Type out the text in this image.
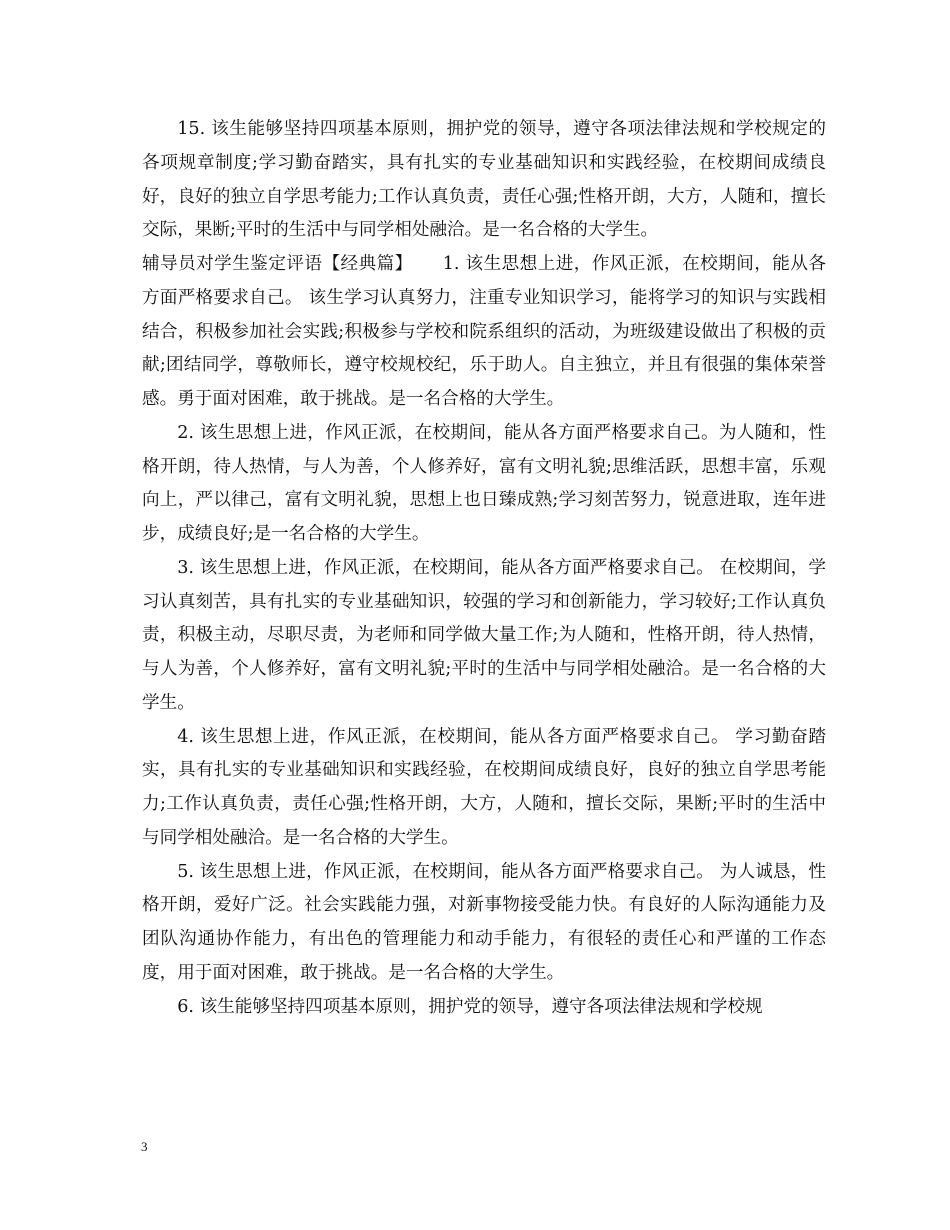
15. 该生能够坚持四项基本原则，拥护党的领导，遵守各项法律法规和学校规定的各项规章制度;学习勤奋踏实，具有扎实的专业基础知识和实践经验，在校期间成绩良好，良好的独立自学思考能力;工作认真负责，责任心强;性格开朗，大方，人随和，擅长交际，果断;平时的生活中与同学相处融洽。是一名合格的大学生。

辅导员对学生鉴定评语【经典篇】 1. 该生思想上进，作风正派，在校期间，能从各方面严格要求自己。 该生学习认真努力，注重专业知识学习，能将学习的知识与实践相结合，积极参加社会实践;积极参与学校和院系组织的活动，为班级建设做出了积极的贡献;团结同学，尊敬师长，遵守校规校纪，乐于助人。自主独立，并且有很强的集体荣誉感。勇于面对困难，敢于挑战。是一名合格的大学生。

2. 该生思想上进，作风正派，在校期间，能从各方面严格要求自己。为人随和，性格开朗，待人热情，与人为善，个人修养好，富有文明礼貌;思维活跃，思想丰富，乐观向上，严以律己，富有文明礼貌，思想上也日臻成熟;学习刻苦努力，锐意进取，连年进步，成绩良好;是一名合格的大学生。

3. 该生思想上进，作风正派，在校期间，能从各方面严格要求自己。 在校期间，学习认真刻苦，具有扎实的专业基础知识，较强的学习和创新能力，学习较好;工作认真负责，积极主动，尽职尽责，为老师和同学做大量工作;为人随和，性格开朗，待人热情，与人为善，个人修养好，富有文明礼貌;平时的生活中与同学相处融洽。是一名合格的大学生。

4. 该生思想上进，作风正派，在校期间，能从各方面严格要求自己。 学习勤奋踏实，具有扎实的专业基础知识和实践经验，在校期间成绩良好，良好的独立自学思考能力;工作认真负责，责任心强;性格开朗，大方，人随和，擅长交际，果断;平时的生活中与同学相处融洽。是一名合格的大学生。

5. 该生思想上进，作风正派，在校期间，能从各方面严格要求自己。 为人诚恳，性格开朗，爱好广泛。社会实践能力强，对新事物接受能力快。有良好的人际沟通能力及团队沟通协作能力，有出色的管理能力和动手能力，有很轻的责任心和严谨的工作态度，用于面对困难，敢于挑战。是一名合格的大学生。

6. 该生能够坚持四项基本原则，拥护党的领导，遵守各项法律法规和学校规

3
